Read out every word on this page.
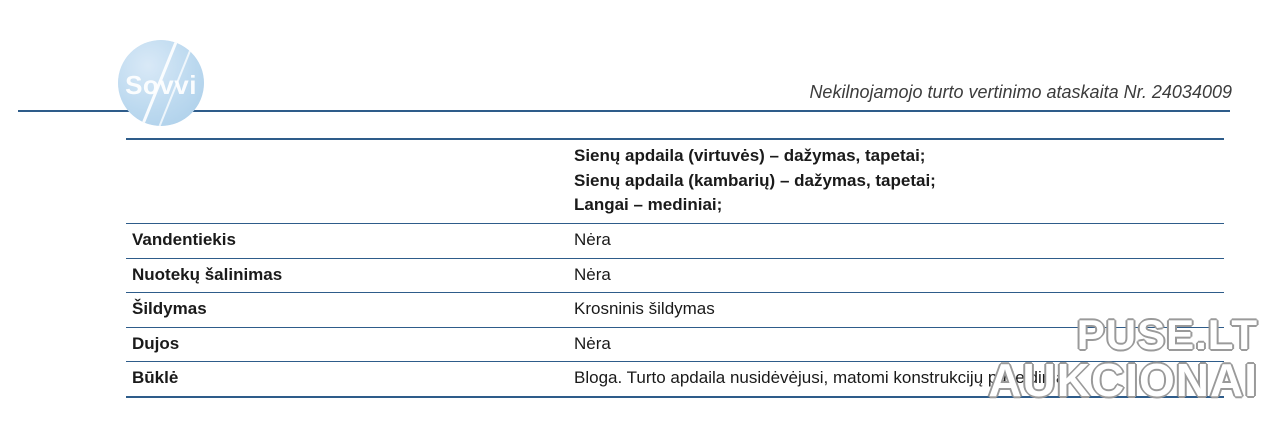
Sovvi	Nekilnojamojo turto vertinimo ataskaita Nr. 24034009

	Sienų apdaila (virtuvės) – dažymas, tapetai;
Sienų apdaila (kambarių) – dažymas, tapetai;
Langai – mediniai;

Vandentiekis	Nėra
Nuotekų šalinimas	Nėra
Šildymas	Krosninis šildymas
Dujos	Nėra
Būklė	Bloga. Turto apdaila nusidėvėjusi, matomi konstrukcijų pažeidimai.
PUSE.LT
AUKCIONAI
